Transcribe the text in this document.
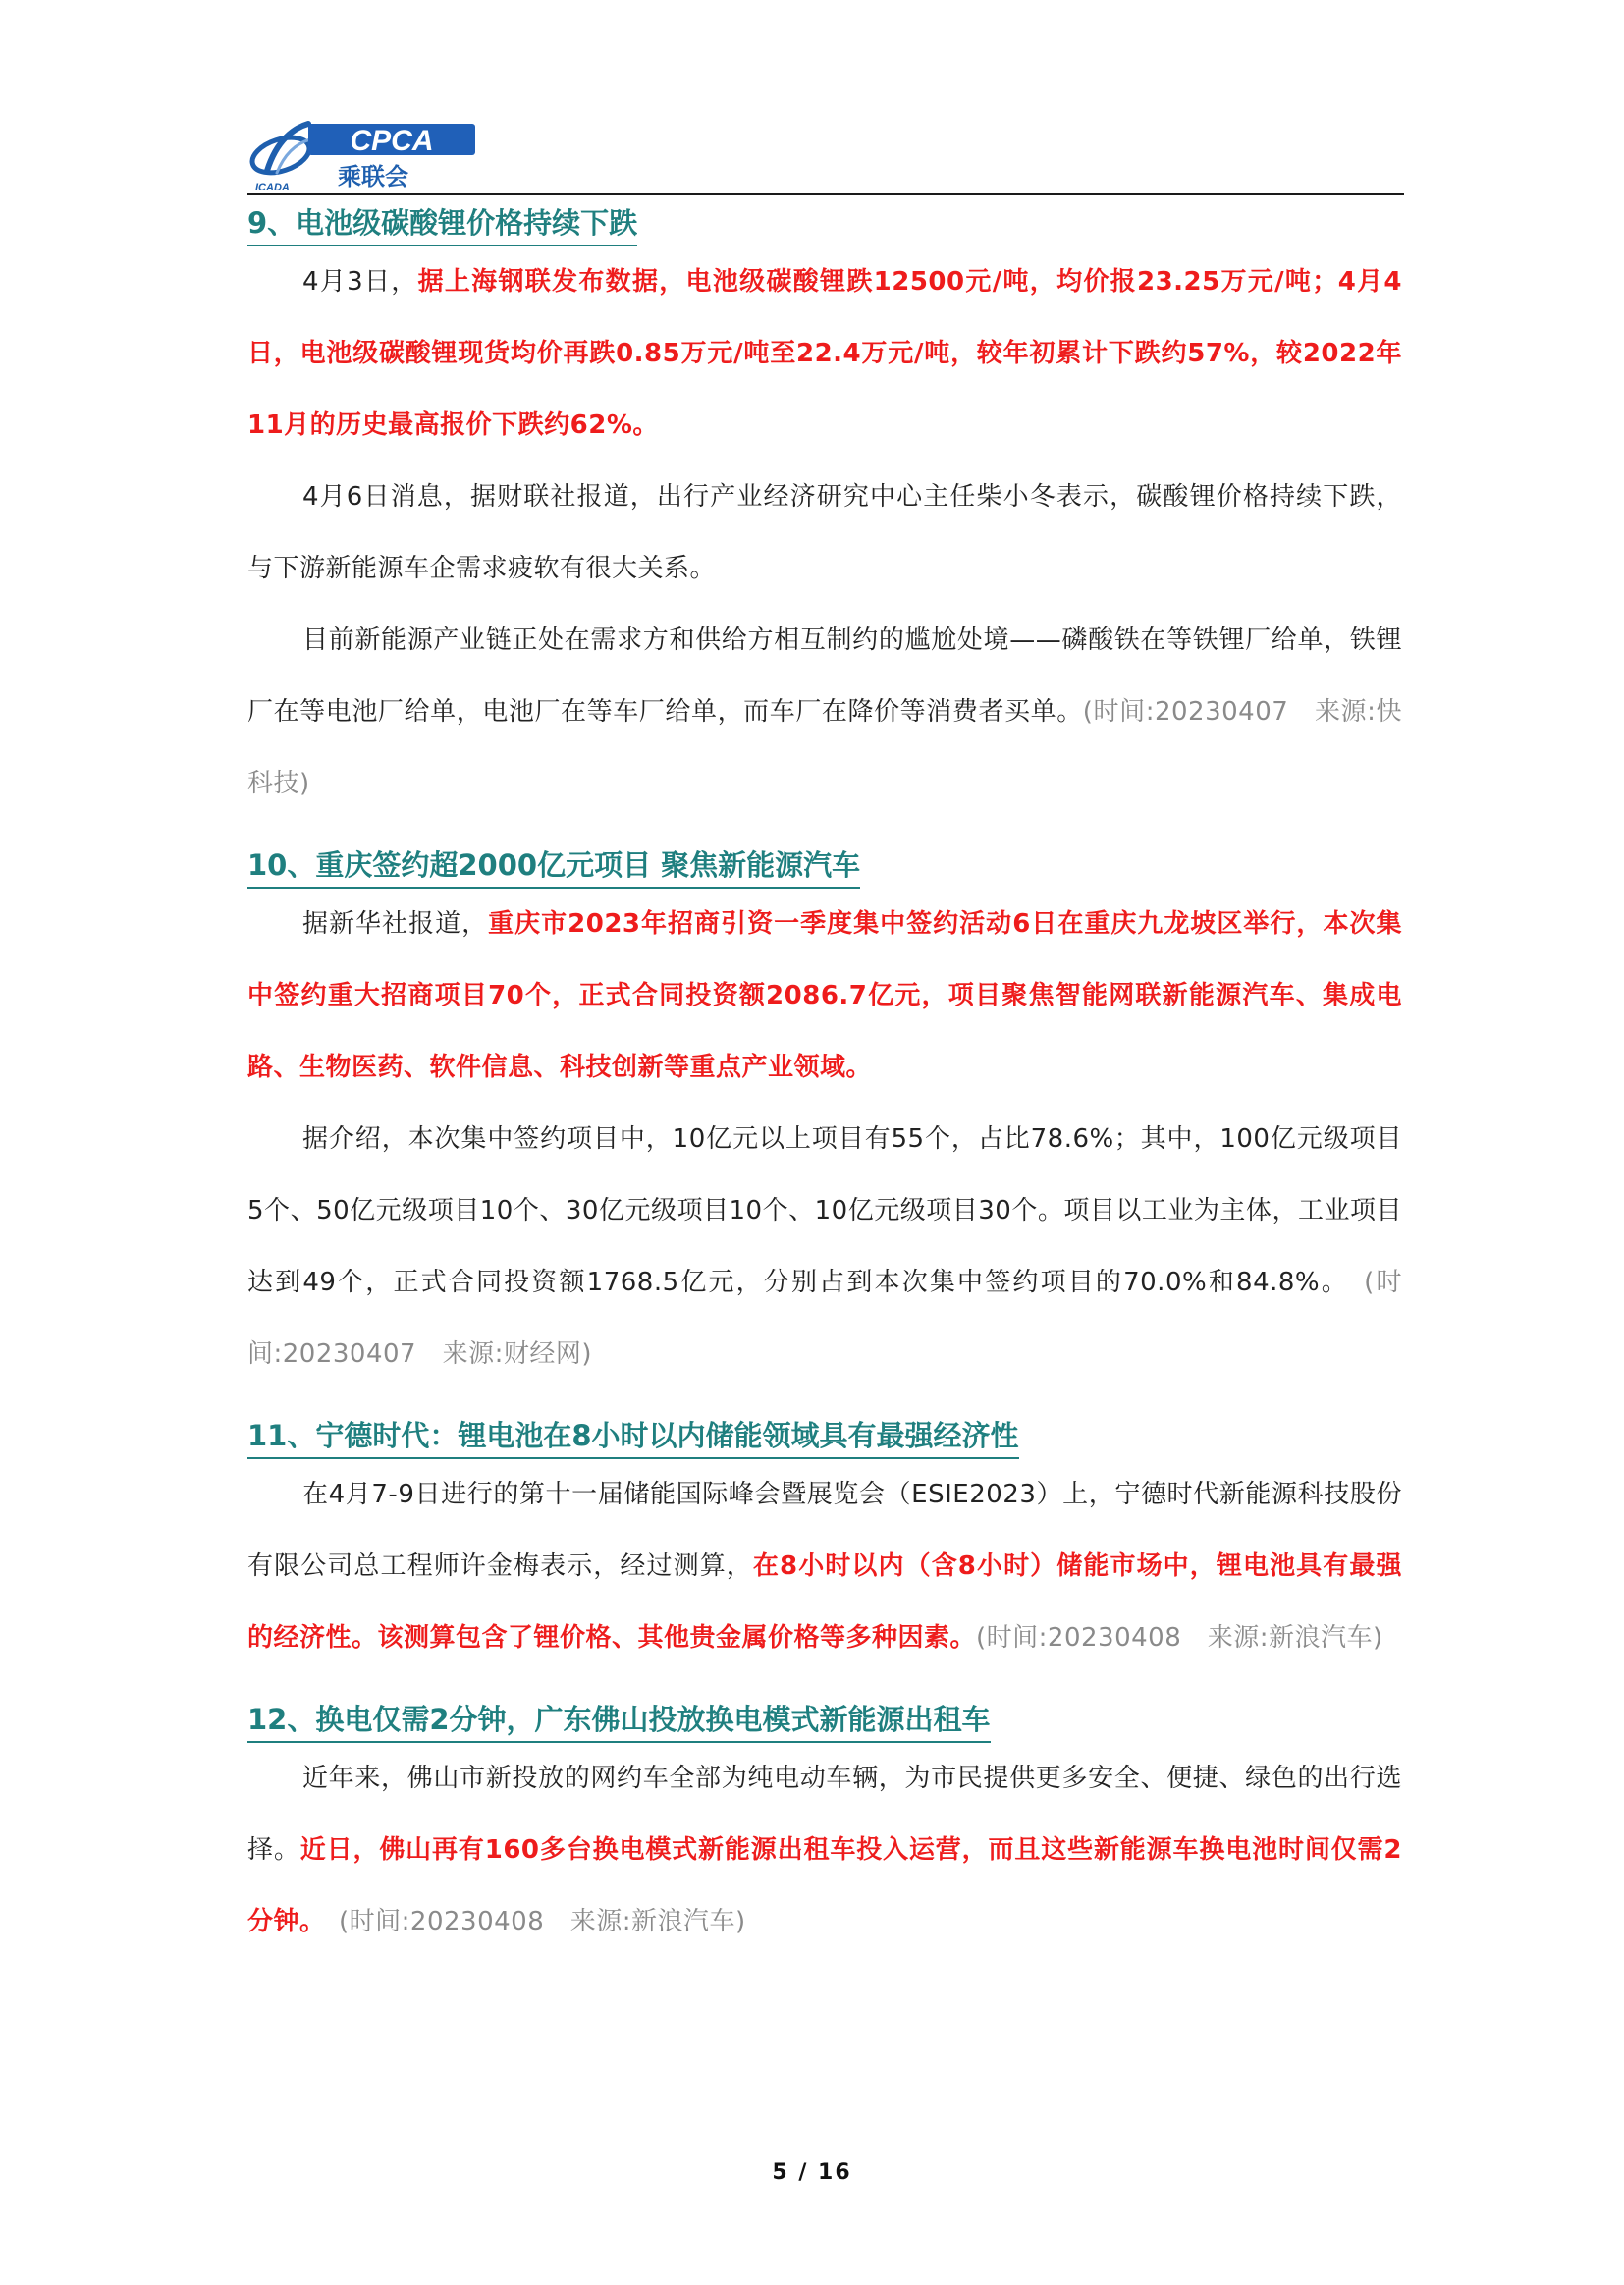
CPCA
乘联会
ICADA
9、电池级碳酸锂价格持续下跌

4月3日，据上海钢联发布数据，电池级碳酸锂跌12500元/吨，均价报23.25万元/吨；4月4日，电池级碳酸锂现货均价再跌0.85万元/吨至22.4万元/吨，较年初累计下跌约57%，较2022年11月的历史最高报价下跌约62%。

4月6日消息，据财联社报道，出行产业经济研究中心主任柴小冬表示，碳酸锂价格持续下跌，与下游新能源车企需求疲软有很大关系。

目前新能源产业链正处在需求方和供给方相互制约的尴尬处境——磷酸铁在等铁锂厂给单，铁锂厂在等电池厂给单，电池厂在等车厂给单，而车厂在降价等消费者买单。(时间:20230407　来源:快科技)

10、重庆签约超2000亿元项目 聚焦新能源汽车

据新华社报道，重庆市2023年招商引资一季度集中签约活动6日在重庆九龙坡区举行，本次集中签约重大招商项目70个，正式合同投资额2086.7亿元，项目聚焦智能网联新能源汽车、集成电路、生物医药、软件信息、科技创新等重点产业领域。

据介绍，本次集中签约项目中，10亿元以上项目有55个，占比78.6%；其中，100亿元级项目5个、50亿元级项目10个、30亿元级项目10个、10亿元级项目30个。项目以工业为主体，工业项目达到49个，正式合同投资额1768.5亿元，分别占到本次集中签约项目的70.0%和84.8%。　(时间:20230407　来源:财经网)

11、宁德时代：锂电池在8小时以内储能领域具有最强经济性

在4月7-9日进行的第十一届储能国际峰会暨展览会（ESIE2023）上，宁德时代新能源科技股份有限公司总工程师许金梅表示，经过测算，在8小时以内（含8小时）储能市场中，锂电池具有最强的经济性。该测算包含了锂价格、其他贵金属价格等多种因素。(时间:20230408　来源:新浪汽车)

12、换电仅需2分钟，广东佛山投放换电模式新能源出租车

近年来，佛山市新投放的网约车全部为纯电动车辆，为市民提供更多安全、便捷、绿色的出行选择。近日，佛山再有160多台换电模式新能源出租车投入运营，而且这些新能源车换电池时间仅需2分钟。　(时间:20230408　来源:新浪汽车)

5 / 16
